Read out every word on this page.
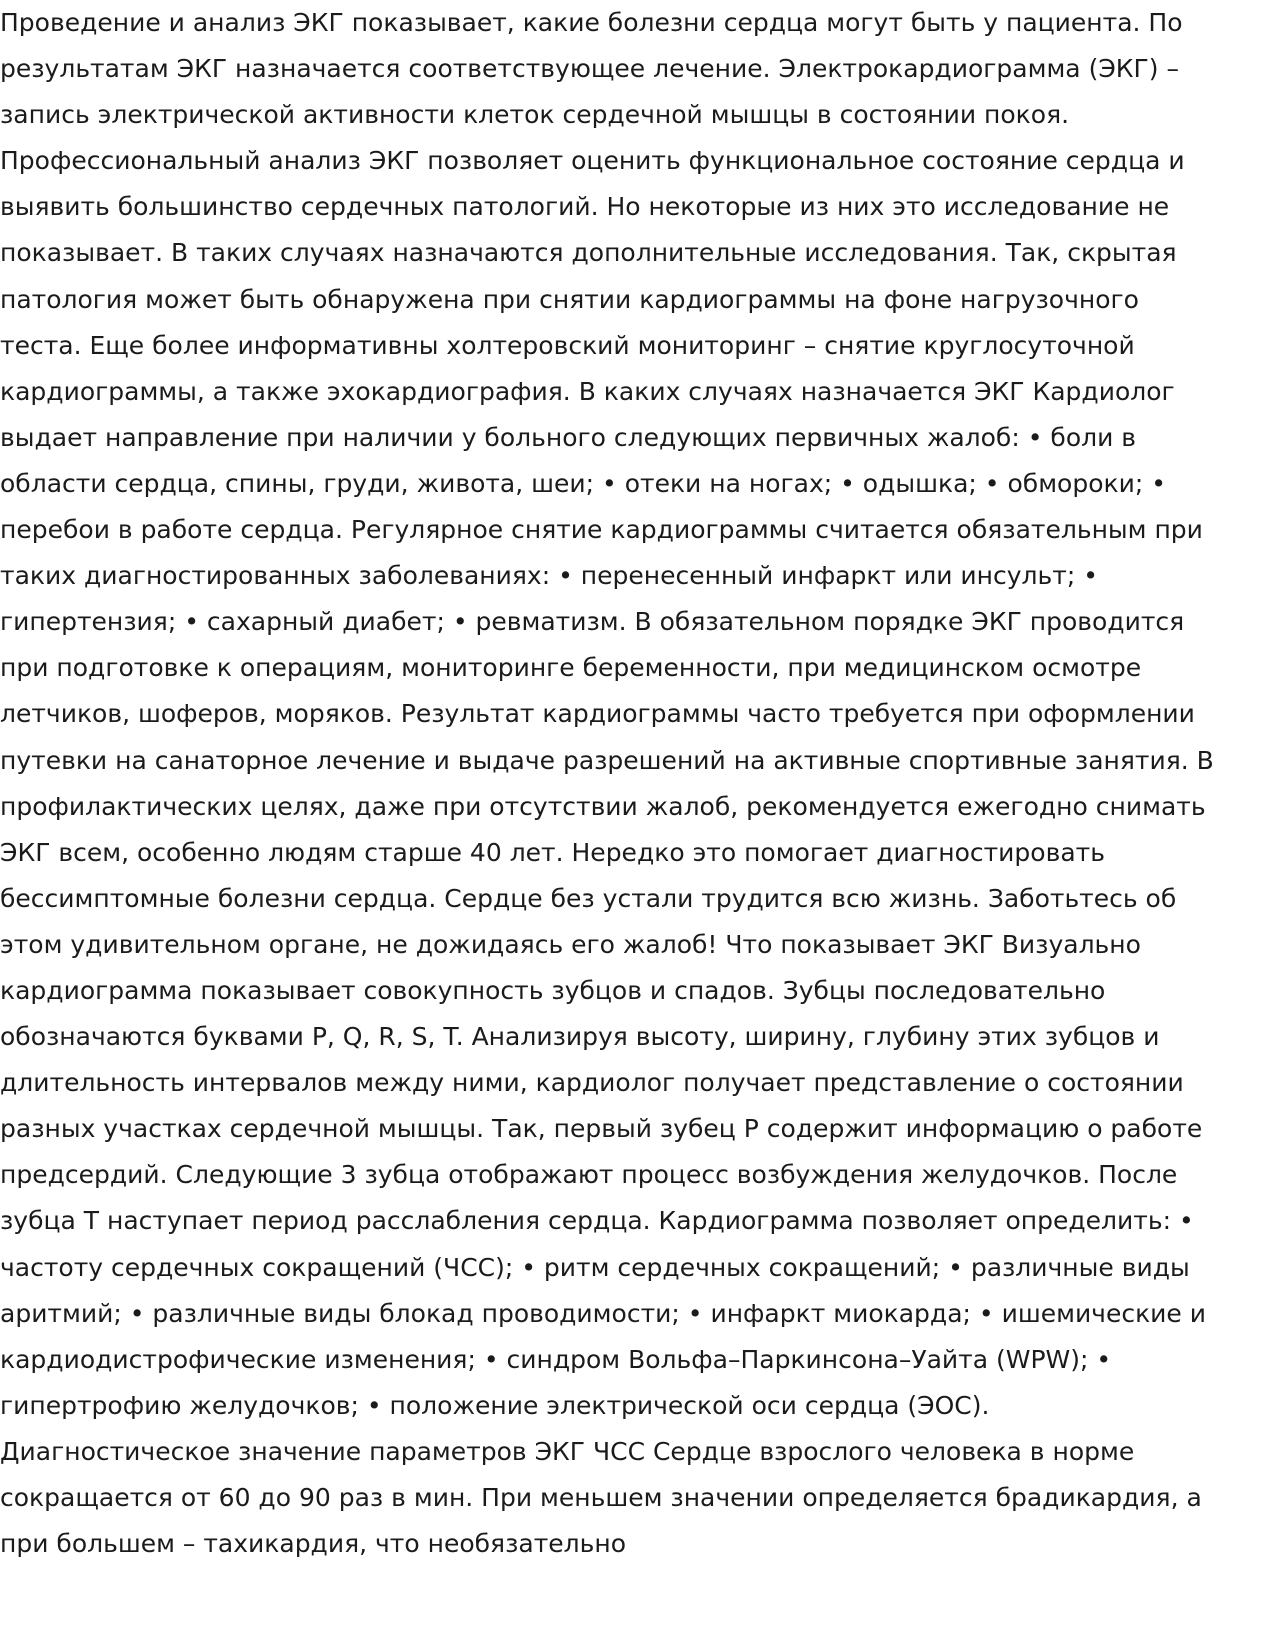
Проведение и анализ ЭКГ показывает, какие болезни сердца могут быть у пациента. По
результатам ЭКГ назначается соответствующее лечение. Электрокардиограмма (ЭКГ) –
запись электрической активности клеток сердечной мышцы в состоянии покоя.
Профессиональный анализ ЭКГ позволяет оценить функциональное состояние сердца и
выявить большинство сердечных патологий. Но некоторые из них это исследование не
показывает. В таких случаях назначаются дополнительные исследования. Так, скрытая
патология может быть обнаружена при снятии кардиограммы на фоне нагрузочного
теста. Еще более информативны холтеровский мониторинг – снятие круглосуточной
кардиограммы, а также эхокардиография. В каких случаях назначается ЭКГ Кардиолог
выдает направление при наличии у больного следующих первичных жалоб: • боли в
области сердца, спины, груди, живота, шеи; • отеки на ногах; • одышка; • обмороки; •
перебои в работе сердца. Регулярное снятие кардиограммы считается обязательным при
таких диагностированных заболеваниях: • перенесенный инфаркт или инсульт; •
гипертензия; • сахарный диабет; • ревматизм. В обязательном порядке ЭКГ проводится
при подготовке к операциям, мониторинге беременности, при медицинском осмотре
летчиков, шоферов, моряков. Результат кардиограммы часто требуется при оформлении
путевки на санаторное лечение и выдаче разрешений на активные спортивные занятия. В
профилактических целях, даже при отсутствии жалоб, рекомендуется ежегодно снимать
ЭКГ всем, особенно людям старше 40 лет. Нередко это помогает диагностировать
бессимптомные болезни сердца. Сердце без устали трудится всю жизнь. Заботьтесь об
этом удивительном органе, не дожидаясь его жалоб! Что показывает ЭКГ Визуально
кардиограмма показывает совокупность зубцов и спадов. Зубцы последовательно
обозначаются буквами P, Q, R, S, T. Анализируя высоту, ширину, глубину этих зубцов и
длительность интервалов между ними, кардиолог получает представление о состоянии
разных участках сердечной мышцы. Так, первый зубец P содержит информацию о работе
предсердий. Следующие 3 зубца отображают процесс возбуждения желудочков. После
зубца T наступает период расслабления сердца. Кардиограмма позволяет определить: •
частоту сердечных сокращений (ЧСС); • ритм сердечных сокращений; • различные виды
аритмий; • различные виды блокад проводимости; • инфаркт миокарда; • ишемические и
кардиодистрофические изменения; • синдром Вольфа–Паркинсона–Уайта (WPW); •
гипертрофию желудочков; • положение электрической оси сердца (ЭОС).
Диагностическое значение параметров ЭКГ ЧСС Сердце взрослого человека в норме
сокращается от 60 до 90 раз в мин. При меньшем значении определяется брадикардия, а
при большем – тахикардия, что необязательно
